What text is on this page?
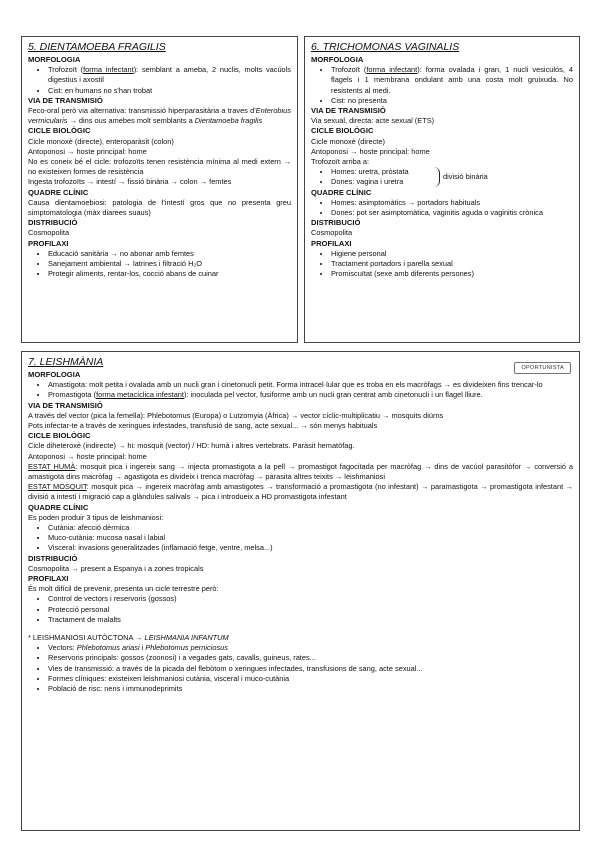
5. DIENTAMOEBA FRAGILIS
MORFOLOGIA
• Trofozoït (forma infectant): semblant a ameba, 2 nuclis, molts vacúols digestius i axostil
• Cist: en humans no s'han trobat
VIA DE TRANSMISIÓ

Feco-oral però via alternativa: transmissió hiperparasitària a traves d'Enterobius vermicularis → dins ous amebes molt semblants a Dientamoeba fragilis

CICLE BIOLÒGIC

Cicle monoxè (directe), enteroparàsit (colon)

Antoponosi → hoste principal: home

No es coneix bé el cicle: trofozoïts tenen resistència mínima al medi extern → no existeixen formes de resistència

Ingesta trofozoïts → intestí → fissió binària → colon → femtes

QUADRE CLÍNIC

Causa dientamoebiosi: patologia de l'intestí gros que no presenta greu simptomatologia (màx diarees suaus)

DISTRIBUCIÓ

Cosmopolita

PROFILAXI
• Educació sanitària → no abonar amb femtes
• Sanejament ambiental → latrines i filtració H₂O
• Protegir aliments, rentar-los, cocció abans de cuinar
6. TRICHOMONAS VAGINALIS
MORFOLOGIA
• Trofozoït (forma infectant): forma ovalada i gran, 1 nucli vesiculós, 4 flagels i 1 membrana ondulant amb una costa molt gruixuda. No resistents al medi.
• Cist: no presenta
VIA DE TRANSMISIÓ

Via sexual, directa: acte sexual (ETS)

CICLE BIOLÒGIC

Cicle monoxè (directe)

Antoponosi → hoste principal: home

Trofozoït arriba a:

• Homes: uretra, pròstata
• Dones: vagina i uretra
divisió binària
QUADRE CLÍNIC
• Homes: asimptomàtics → portadors habituals
• Dones: pot ser asimptomàtica, vaginitis aguda o vaginitis crònica
DISTRIBUCIÓ

Cosmopolita

PROFILAXI
• Higiene personal
• Tractament portadors i parella sexual
• Promiscuïtat (sexe amb diferents persones)
OPORTUNISTA
7. LEISHMÀNIA
MORFOLOGIA
• Amastigota: molt petita i ovalada amb un nucli gran i cinetonucli petit. Forma intracel·lular que es troba en els macròfags → es divideixen fins trencar-lo
• Promastigota (forma metacíclica infestant): inoculada pel vector, fusiforme amb un nucli gran centrat amb cinetonucli i un flagel lliure.
VIA DE TRANSMISIÓ

A través del vector (pica la femella): Phlebotomus (Europa) o Lutzomyia (Àfrica) → vector cíclic-multiplicatiu → mosquits diürns

Pots infectar-te a través de xeringues infestades, transfusió de sang, acte sexual... → són menys habituals

CICLE BIOLÒGIC

Cicle diheteroxè (indirecte) → hi: mosquit (vector) / HD: humà i altres vertebrats. Paràsit hematòfag.

Antoponosi → hoste principal: home

ESTAT HUMÀ: mosquit pica i ingereix sang → injecta promastigota a la pell → promastigot fagocitada per macròfag → dins de vacúol parasitòfor → conversió a amastigota dins macròfag → agastigota es divideix i trenca macròfag → parasita altres teixits → leishmaniosi

ESTAT MOSQUIT: mosquit pica → ingereix macròfag amb amastigotes → transformació a promastigota (no infestant) → paramastigota → promastigota infestant → divisió a intestí i migració cap a glàndules salivals → pica i introdueix a HD promastigota infestant

QUADRE CLÍNIC

Es poden produir 3 tipus de leishmaniosi:

• Cutània: afecció dèrmica
• Muco-cutània: mucosa nasal i labial
• Visceral: invasions generalitzades (inflamació fetge, ventre, melsa...)
DISTRIBUCIÓ

Cosmopolita → present a Espanya i a zones tropicals

PROFILAXI

És molt difícil de prevenir, presenta un cicle terrestre però:

• Control de vectors i reservoris (gossos)
• Protecció personal
• Tractament de malalts

* LEISHMANIOSI AUTÒCTONA → LEISHMANIA INFANTUM

• Vectors: Phlebotomus ariasi i Phlebotomus perniciosus
• Reservoris principals: gossos (zoonosi) i a vegades gats, cavalls, guineus, rates...
• Vies de transmissió: a través de la picada del flebòtom o xeringues infectades, transfusions de sang, acte sexual...
• Formes clíniques: existeixen leishmaniosi cutània, visceral i muco-cutània
• Població de risc: nens i immunodeprimits
